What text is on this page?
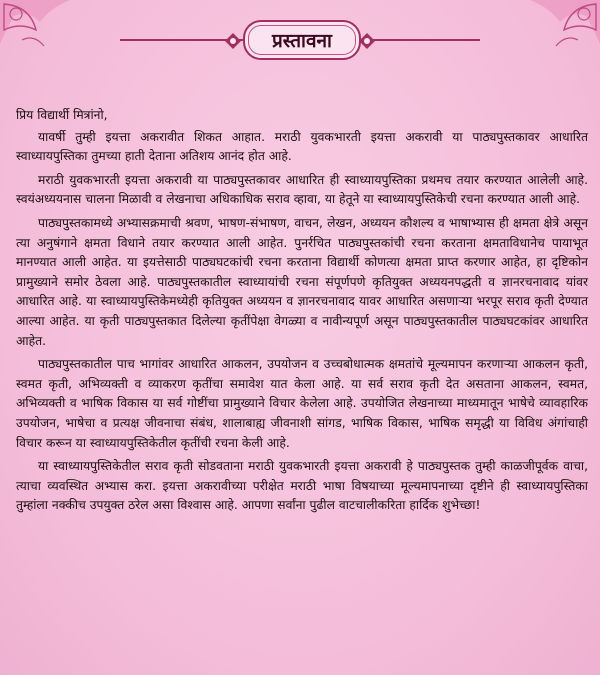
प्रस्तावना

प्रिय विद्यार्थी मित्रांनो,

यावर्षी तुम्ही इयत्ता अकरावीत शिकत आहात. मराठी युवकभारती इयत्ता अकरावी या पाठ्यपुस्तकावर आधारित स्वाध्यायपुस्तिका तुमच्या हाती देताना अतिशय आनंद होत आहे.

मराठी युवकभारती इयत्ता अकरावी या पाठ्यपुस्तकावर आधारित ही स्वाध्यायपुस्तिका प्रथमच तयार करण्यात आलेली आहे. स्वयंअध्ययनास चालना मिळावी व लेखनाचा अधिकाधिक सराव व्हावा, या हेतूने या स्वाध्यायपुस्तिकेची रचना करण्यात आली आहे.

पाठ्यपुस्तकामध्ये अभ्यासक्रमाची श्रवण, भाषण-संभाषण, वाचन, लेखन, अध्ययन कौशल्य व भाषाभ्यास ही क्षमता क्षेत्रे असून त्या अनुषंगाने क्षमता विधाने तयार करण्यात आली आहेत. पुनर्रचित पाठ्यपुस्तकांची रचना करताना क्षमताविधानेच पायाभूत मानण्यात आली आहेत. या इयत्तेसाठी पाठ्यघटकांची रचना करताना विद्यार्थी कोणत्या क्षमता प्राप्त करणार आहेत, हा दृष्टिकोन प्रामुख्याने समोर ठेवला आहे. पाठ्यपुस्तकातील स्वाध्यायांची रचना संपूर्णपणे कृतियुक्त अध्ययनपद्धती व ज्ञानरचनावाद यांवर आधारित आहे. या स्वाध्यायपुस्तिकेमध्येही कृतियुक्त अध्ययन व ज्ञानरचनावाद यावर आधारित असणाऱ्या भरपूर सराव कृती देण्यात आल्या आहेत. या कृती पाठ्यपुस्तकात दिलेल्या कृतींपेक्षा वेगळ्या व नावीन्यपूर्ण असून पाठ्यपुस्तकातील पाठ्यघटकांवर आधारित आहेत.

पाठ्यपुस्तकातील पाच भागांवर आधारित आकलन, उपयोजन व उच्चबोधात्मक क्षमतांचे मूल्यमापन करणाऱ्या आकलन कृती, स्वमत कृती, अभिव्यक्ती व व्याकरण कृतींचा समावेश यात केला आहे. या सर्व सराव कृती देत असताना आकलन, स्वमत, अभिव्यक्ती व भाषिक विकास या सर्व गोष्टींचा प्रामुख्याने विचार केलेला आहे. उपयोजित लेखनाच्या माध्यमातून भाषेचे व्यावहारिक उपयोजन, भाषेचा व प्रत्यक्ष जीवनाचा संबंध, शालाबाह्य जीवनाशी सांगड, भाषिक विकास, भाषिक समृद्धी या विविध अंगांचाही विचार करून या स्वाध्यायपुस्तिकेतील कृतींची रचना केली आहे.

या स्वाध्यायपुस्तिकेतील सराव कृती सोडवताना मराठी युवकभारती इयत्ता अकरावी हे पाठ्यपुस्तक तुम्ही काळजीपूर्वक वाचा, त्याचा व्यवस्थित अभ्यास करा. इयत्ता अकरावीच्या परीक्षेत मराठी भाषा विषयाच्या मूल्यमापनाच्या दृष्टीने ही स्वाध्यायपुस्तिका तुम्हांला नक्कीच उपयुक्त ठरेल असा विश्वास आहे. आपणा सर्वांना पुढील वाटचालीकरिता हार्दिक शुभेच्छा!
